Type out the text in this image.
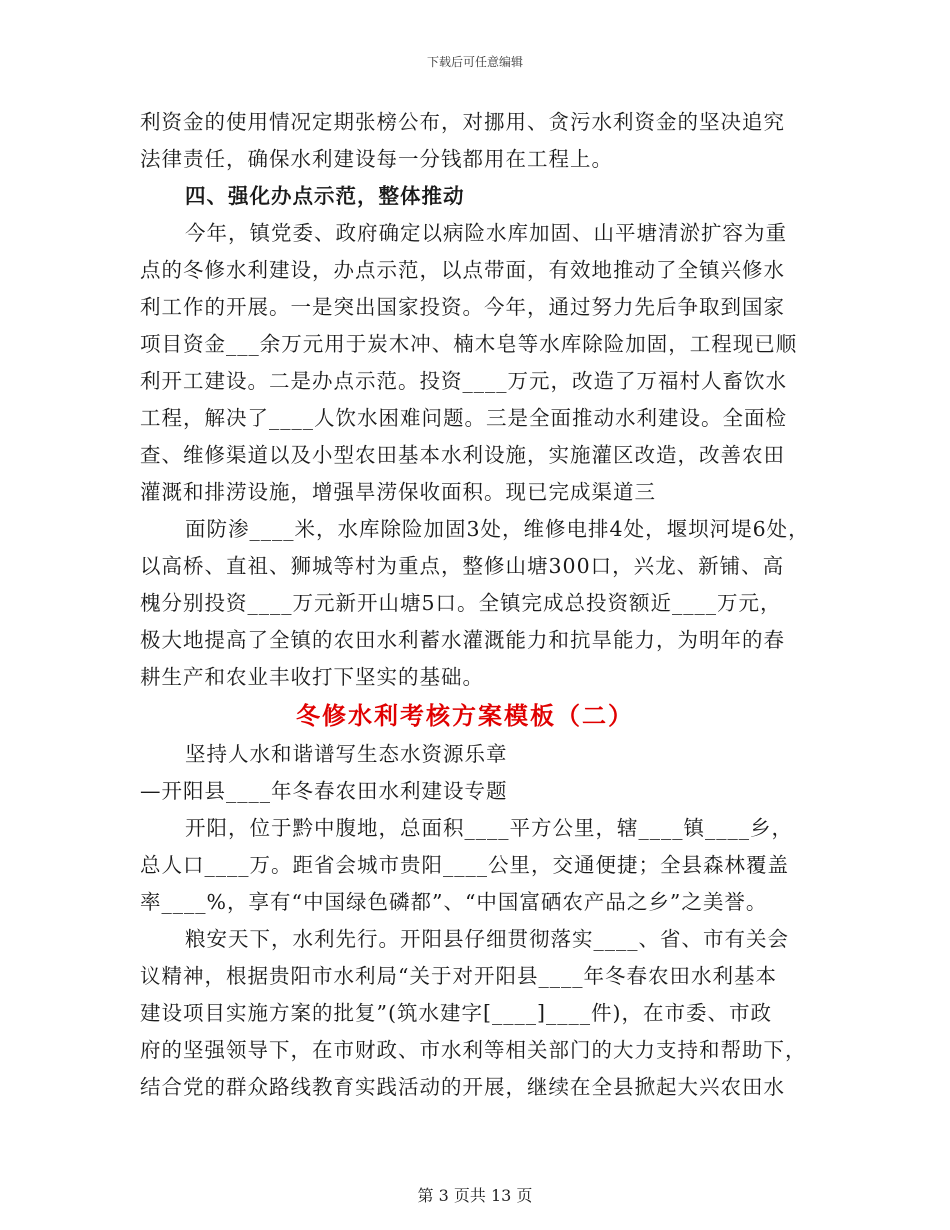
下载后可任意编辑
利资金的使用情况定期张榜公布，对挪用、贪污水利资金的坚决追究
法律责任，确保水利建设每一分钱都用在工程上。
四、强化办点示范，整体推动
今年，镇党委、政府确定以病险水库加固、山平塘清淤扩容为重
点的冬修水利建设，办点示范，以点带面，有效地推动了全镇兴修水
利工作的开展。一是突出国家投资。今年，通过努力先后争取到国家
项目资金___余万元用于炭木冲、楠木皂等水库除险加固，工程现已顺
利开工建设。二是办点示范。投资____万元，改造了万福村人畜饮水
工程，解决了____人饮水困难问题。三是全面推动水利建设。全面检
查、维修渠道以及小型农田基本水利设施，实施灌区改造，改善农田
灌溉和排涝设施，增强旱涝保收面积。现已完成渠道三
面防渗____米，水库除险加固3处，维修电排4处，堰坝河堤6处，
以高桥、直祖、狮城等村为重点，整修山塘300口，兴龙、新铺、高
槐分别投资____万元新开山塘5口。全镇完成总投资额近____万元，
极大地提高了全镇的农田水利蓄水灌溉能力和抗旱能力，为明年的春
耕生产和农业丰收打下坚实的基础。
冬修水利考核方案模板（二）
坚持人水和谐谱写生态水资源乐章
—开阳县____年冬春农田水利建设专题
开阳，位于黔中腹地，总面积____平方公里，辖____镇____乡，
总人口____万。距省会城市贵阳____公里，交通便捷；全县森林覆盖
率____%，享有“中国绿色磷都”、“中国富硒农产品之乡”之美誉。
粮安天下，水利先行。开阳县仔细贯彻落实____、省、市有关会
议精神，根据贵阳市水利局“关于对开阳县____年冬春农田水利基本
建设项目实施方案的批复”(筑水建字[____]____件)，在市委、市政
府的坚强领导下，在市财政、市水利等相关部门的大力支持和帮助下，
结合党的群众路线教育实践活动的开展，继续在全县掀起大兴农田水
第 3 页共 13 页
